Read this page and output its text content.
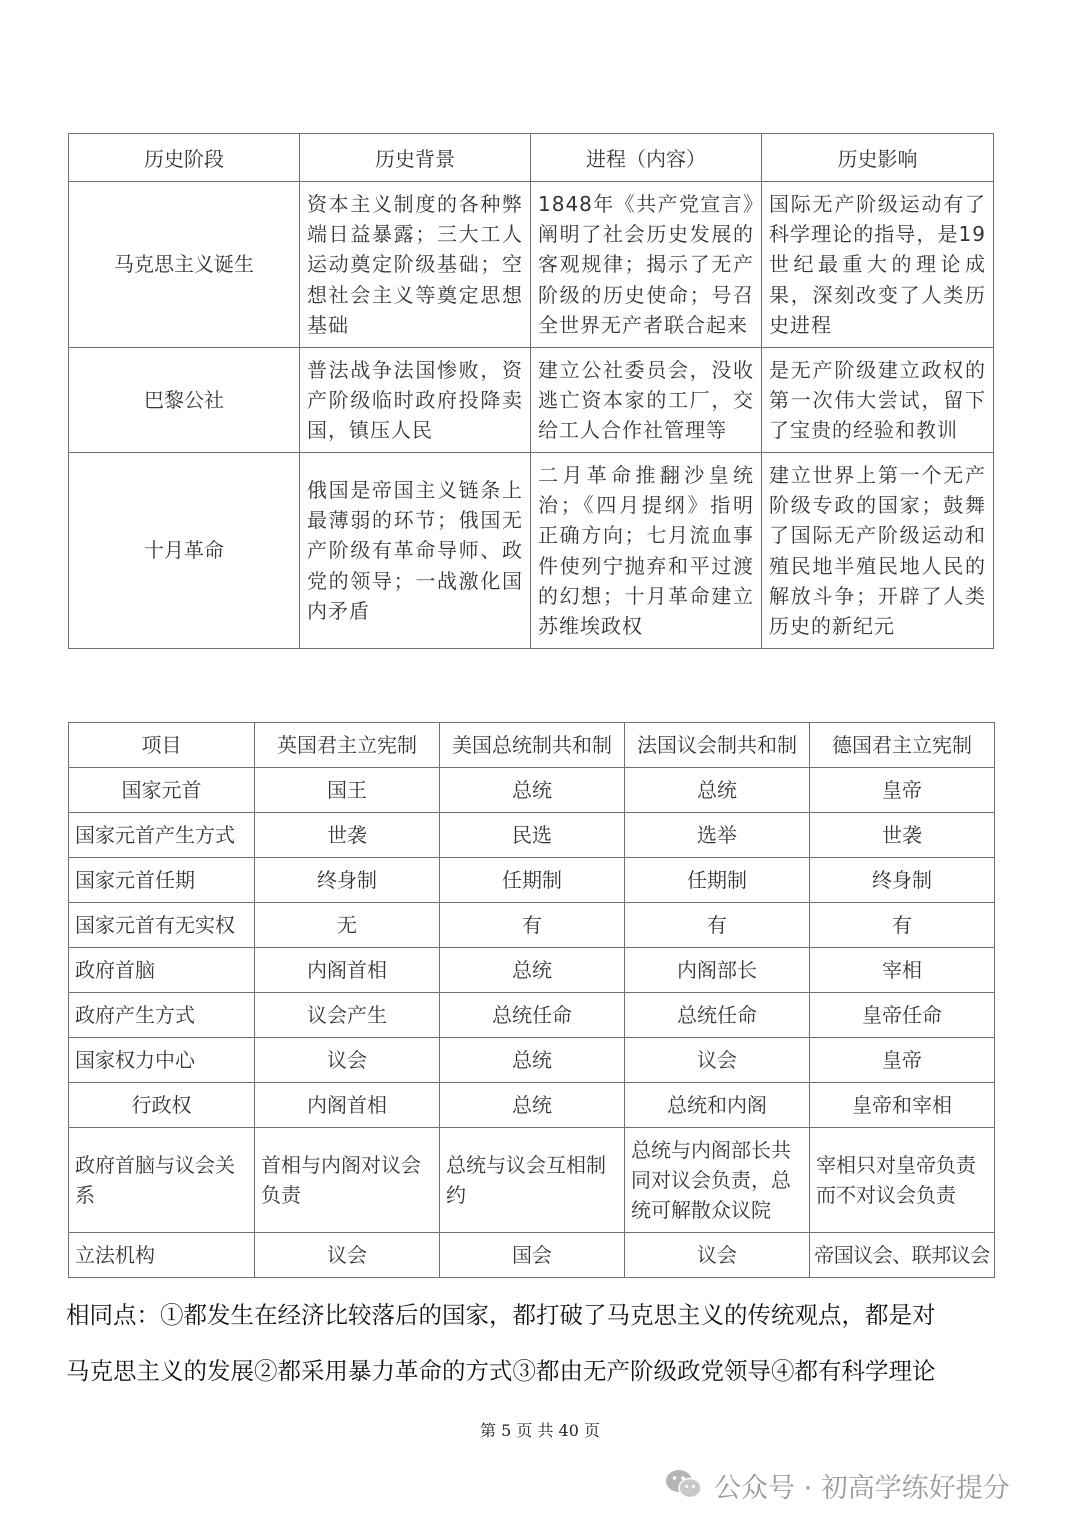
历史阶段	历史背景	进程（内容）	历史影响
马克思主义诞生	资本主义制度的各种弊端日益暴露；三大工人运动奠定阶级基础；空想社会主义等奠定思想基础	1848年《共产党宣言》阐明了社会历史发展的客观规律；揭示了无产阶级的历史使命；号召全世界无产者联合起来	国际无产阶级运动有了科学理论的指导，是19世纪最重大的理论成果，深刻改变了人类历史进程
巴黎公社	普法战争法国惨败，资产阶级临时政府投降卖国，镇压人民	建立公社委员会，没收逃亡资本家的工厂，交给工人合作社管理等	是无产阶级建立政权的第一次伟大尝试，留下了宝贵的经验和教训
十月革命	俄国是帝国主义链条上最薄弱的环节；俄国无产阶级有革命导师、政党的领导；一战激化国内矛盾	二月革命推翻沙皇统治；《四月提纲》指明正确方向；七月流血事件使列宁抛弃和平过渡的幻想；十月革命建立苏维埃政权	建立世界上第一个无产阶级专政的国家；鼓舞了国际无产阶级运动和殖民地半殖民地人民的解放斗争；开辟了人类历史的新纪元
项目	英国君主立宪制	美国总统制共和制	法国议会制共和制	德国君主立宪制
国家元首	国王	总统	总统	皇帝
国家元首产生方式	世袭	民选	选举	世袭
国家元首任期	终身制	任期制	任期制	终身制
国家元首有无实权	无	有	有	有
政府首脑	内阁首相	总统	内阁部长	宰相
政府产生方式	议会产生	总统任命	总统任命	皇帝任命
国家权力中心	议会	总统	议会	皇帝
行政权	内阁首相	总统	总统和内阁	皇帝和宰相
政府首脑与议会关系	首相与内阁对议会负责	总统与议会互相制约	总统与内阁部长共同对议会负责，总统可解散众议院	宰相只对皇帝负责而不对议会负责
立法机构	议会	国会	议会	帝国议会、联邦议会
相同点：①都发生在经济比较落后的国家，都打破了马克思主义的传统观点，都是对
马克思主义的发展②都采用暴力革命的方式③都由无产阶级政党领导④都有科学理论
第 5 页 共 40 页
公众号 · 初高学练好提分
